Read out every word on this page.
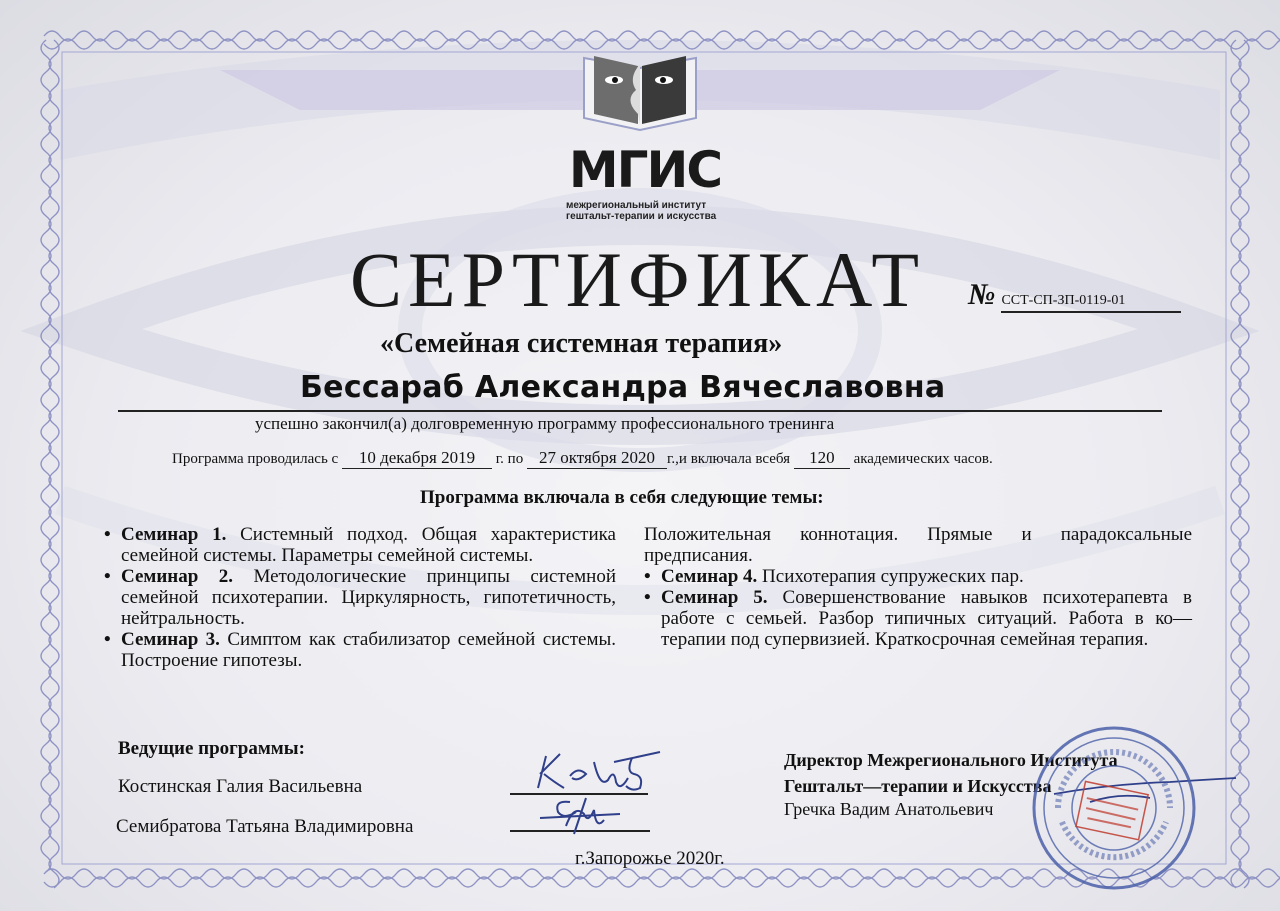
МГИС
межрегиональный институт
гештальт-терапии и искусства
СЕРТИФИКАТ № ССТ-СП-ЗП-0119-01
«Семейная системная терапия»
Бессараб Александра Вячеславовна
успешно закончил(а) долговременную программу профессионального тренинга
Программа проводилась с 10 декабря 2019 г. по 27 октября 2020 г.,и включала всебя 120 академических часов.
Программа включала в себя следующие темы:
• Семинар 1. Системный подход. Общая характеристика семейной системы. Параметры семейной системы.
• Семинар 2. Методологические принципы системной семейной психотерапии. Циркулярность, гипотетичность, нейтральность.
• Семинар 3. Симптом как стабилизатор семейной системы. Построение гипотезы.
Положительная коннотация. Прямые и парадоксальные предписания.
• Семинар 4. Психотерапия супружеских пар.
• Семинар 5. Совершенствование навыков психотерапевта в работе с семьей. Разбор типичных ситуаций. Работа в ко—терапии под супервизией. Краткосрочная семейная терапия.
Ведущие программы:
Костинская Галия Васильевна
Семибратова Татьяна Владимировна
Директор Межрегионального Института
Гештальт—терапии и Искусства
Гречка Вадим Анатольевич
г.Запорожье 2020г.
